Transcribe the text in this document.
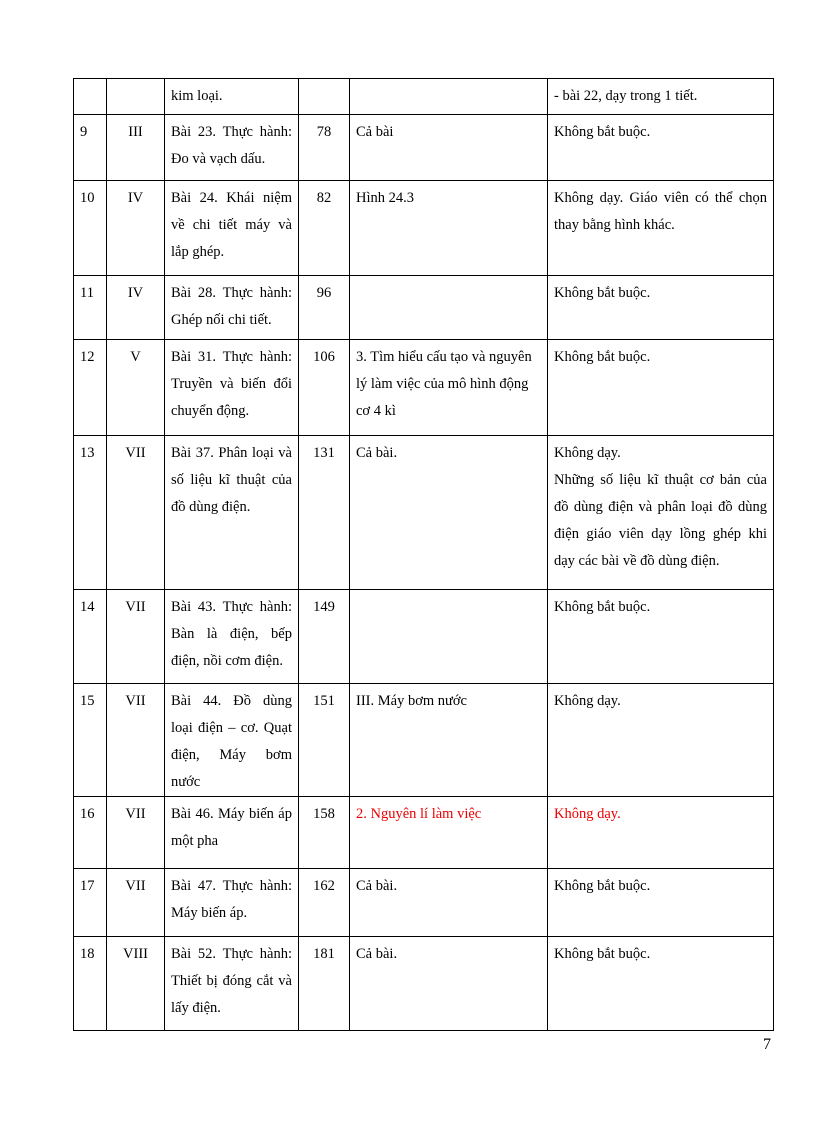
		kim loại.			- bài 22, dạy trong 1 tiết.
9	III	Bài 23. Thực hành: Đo và vạch dấu.	78	Cả bài	Không bắt buộc.
10	IV	Bài 24. Khái niệm về chi tiết máy và lắp ghép.	82	Hình 24.3	Không dạy. Giáo viên có thể chọn thay bằng hình khác.
11	IV	Bài 28. Thực hành: Ghép nối chi tiết.	96		Không bắt buộc.
12	V	Bài 31. Thực hành: Truyền và biến đổi chuyển động.	106	3. Tìm hiểu cấu tạo và nguyên lý làm việc của mô hình động cơ 4 kì	Không bắt buộc.
13	VII	Bài 37. Phân loại và số liệu kĩ thuật của đồ dùng điện.	131	Cả bài.	Không dạy.
Những số liệu kĩ thuật cơ bản của đồ dùng điện và phân loại đồ dùng điện giáo viên dạy lồng ghép khi dạy các bài về đồ dùng điện.

14	VII	Bài 43. Thực hành: Bàn là điện, bếp điện, nồi cơm điện.	149		Không bắt buộc.
15	VII	Bài 44. Đồ dùng loại điện – cơ. Quạt điện, Máy bơm nước	151	III. Máy bơm nước	Không dạy.
16	VII	Bài 46. Máy biến áp một pha	158	2. Nguyên lí làm việc	Không dạy.
17	VII	Bài 47. Thực hành: Máy biến áp.	162	Cả bài.	Không bắt buộc.
18	VIII	Bài 52. Thực hành: Thiết bị đóng cắt và lấy điện.	181	Cả bài.	Không bắt buộc.
7
